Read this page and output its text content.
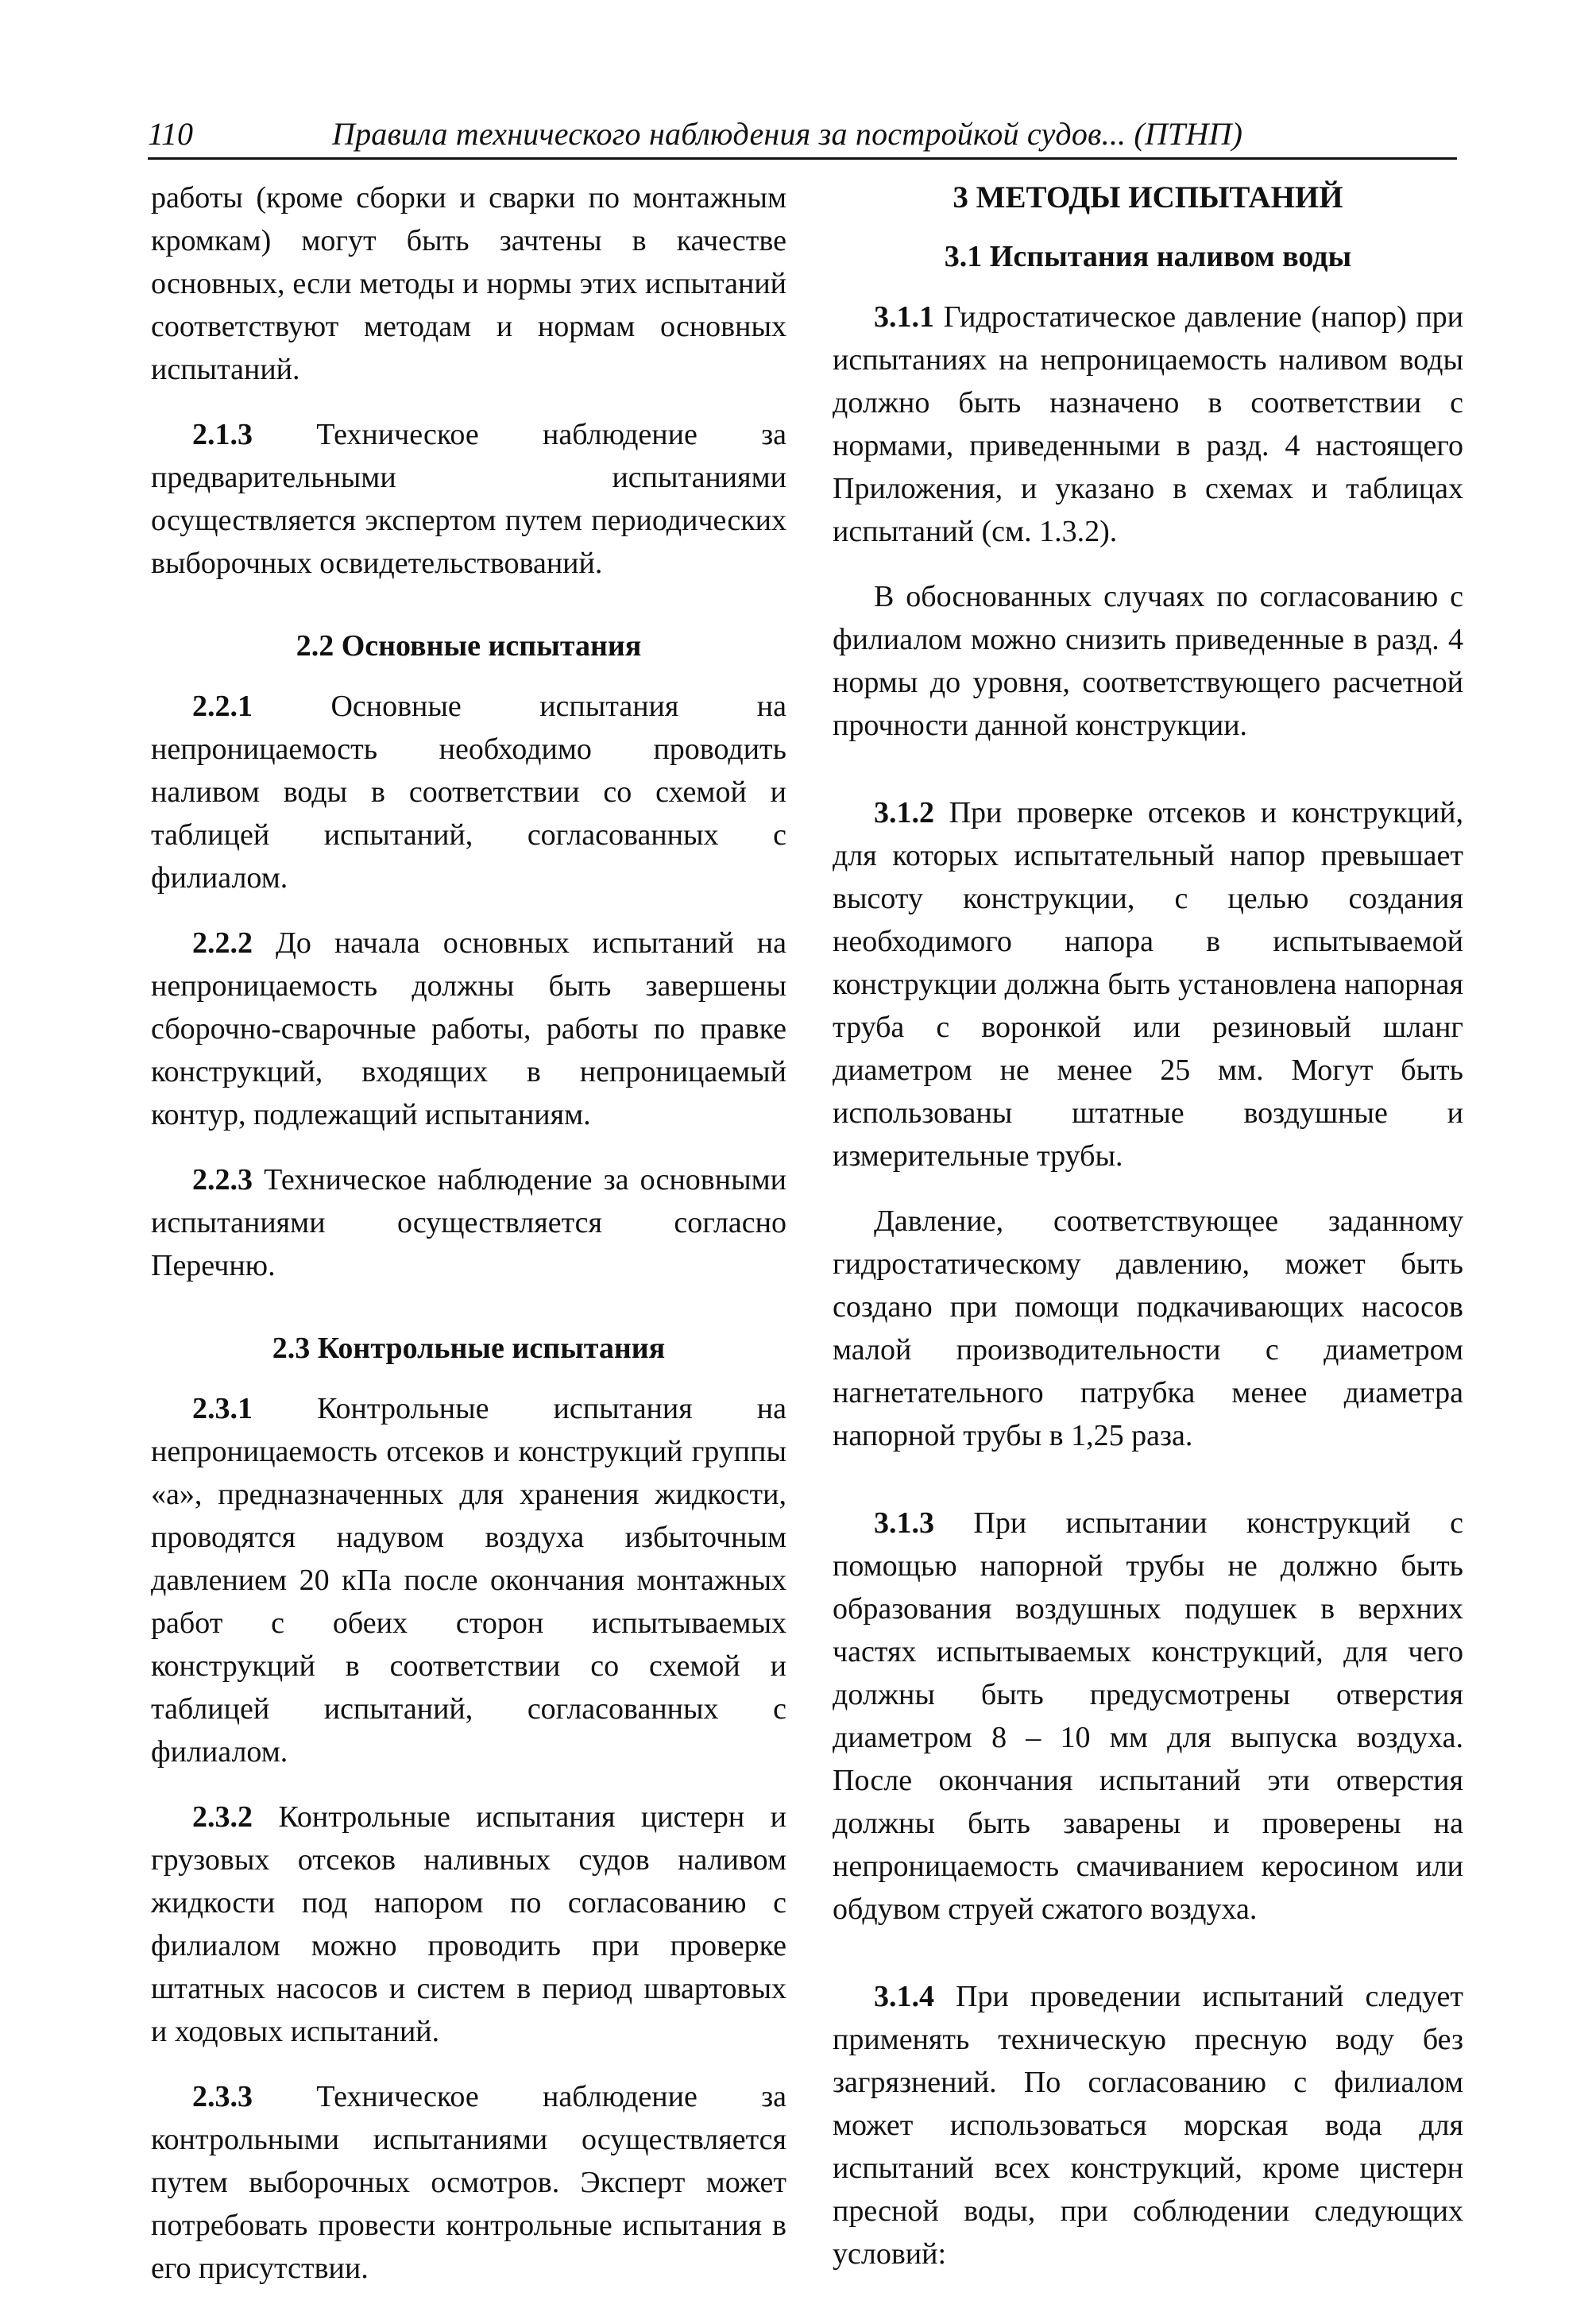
110	Правила технического наблюдения за постройкой судов... (ПТНП)

работы (кроме сборки и сварки по монтажным кромкам) могут быть зачтены в качестве основных, если методы и нормы этих испытаний соответствуют методам и нормам основных испытаний.

2.1.3 Техническое наблюдение за предварительными испытаниями осуществляется экспертом путем периодических выборочных освидетельствований.

2.2 Основные испытания

2.2.1 Основные испытания на непроницаемость необходимо проводить наливом воды в соответствии со схемой и таблицей испытаний, согласованных с филиалом.

2.2.2 До начала основных испытаний на непроницаемость должны быть завершены сборочно-сварочные работы, работы по правке конструкций, входящих в непроницаемый контур, подлежащий испытаниям.

2.2.3 Техническое наблюдение за основными испытаниями осуществляется согласно Перечню.

2.3 Контрольные испытания

2.3.1 Контрольные испытания на непроницаемость отсеков и конструкций группы «а», предназначенных для хранения жидкости, проводятся надувом воздуха избыточным давлением 20 кПа после окончания монтажных работ с обеих сторон испытываемых конструкций в соответствии со схемой и таблицей испытаний, согласованных с филиалом.

2.3.2 Контрольные испытания цистерн и грузовых отсеков наливных судов наливом жидкости под напором по согласованию с филиалом можно проводить при проверке штатных насосов и систем в период швартовых и ходовых испытаний.

2.3.3 Техническое наблюдение за контрольными испытаниями осуществляется путем выборочных осмотров. Эксперт может потребовать провести контрольные испытания в его присутствии.

3 МЕТОДЫ ИСПЫТАНИЙ
3.1 Испытания наливом воды

3.1.1 Гидростатическое давление (напор) при испытаниях на непроницаемость наливом воды должно быть назначено в соответствии с нормами, приведенными в разд. 4 настоящего Приложения, и указано в схемах и таблицах испытаний (см. 1.3.2).

В обоснованных случаях по согласованию с филиалом можно снизить приведенные в разд. 4 нормы до уровня, соответствующего расчетной прочности данной конструкции.

3.1.2 При проверке отсеков и конструкций, для которых испытательный напор превышает высоту конструкции, с целью создания необходимого напора в испытываемой конструкции должна быть установлена напорная труба с воронкой или резиновый шланг диаметром не менее 25 мм. Могут быть использованы штатные воздушные и измерительные трубы.

Давление, соответствующее заданному гидростатическому давлению, может быть создано при помощи подкачивающих насосов малой производительности с диаметром нагнетательного патрубка менее диаметра напорной трубы в 1,25 раза.

3.1.3 При испытании конструкций с помощью напорной трубы не должно быть образования воздушных подушек в верхних частях испытываемых конструкций, для чего должны быть предусмотрены отверстия диаметром 8 – 10 мм для выпуска воздуха. После окончания испытаний эти отверстия должны быть заварены и проверены на непроницаемость смачиванием керосином или обдувом струей сжатого воздуха.

3.1.4 При проведении испытаний следует применять техническую пресную воду без загрязнений. По согласованию с филиалом может использоваться морская вода для испытаний всех конструкций, кроме цистерн пресной воды, при соблюдении следующих условий:
